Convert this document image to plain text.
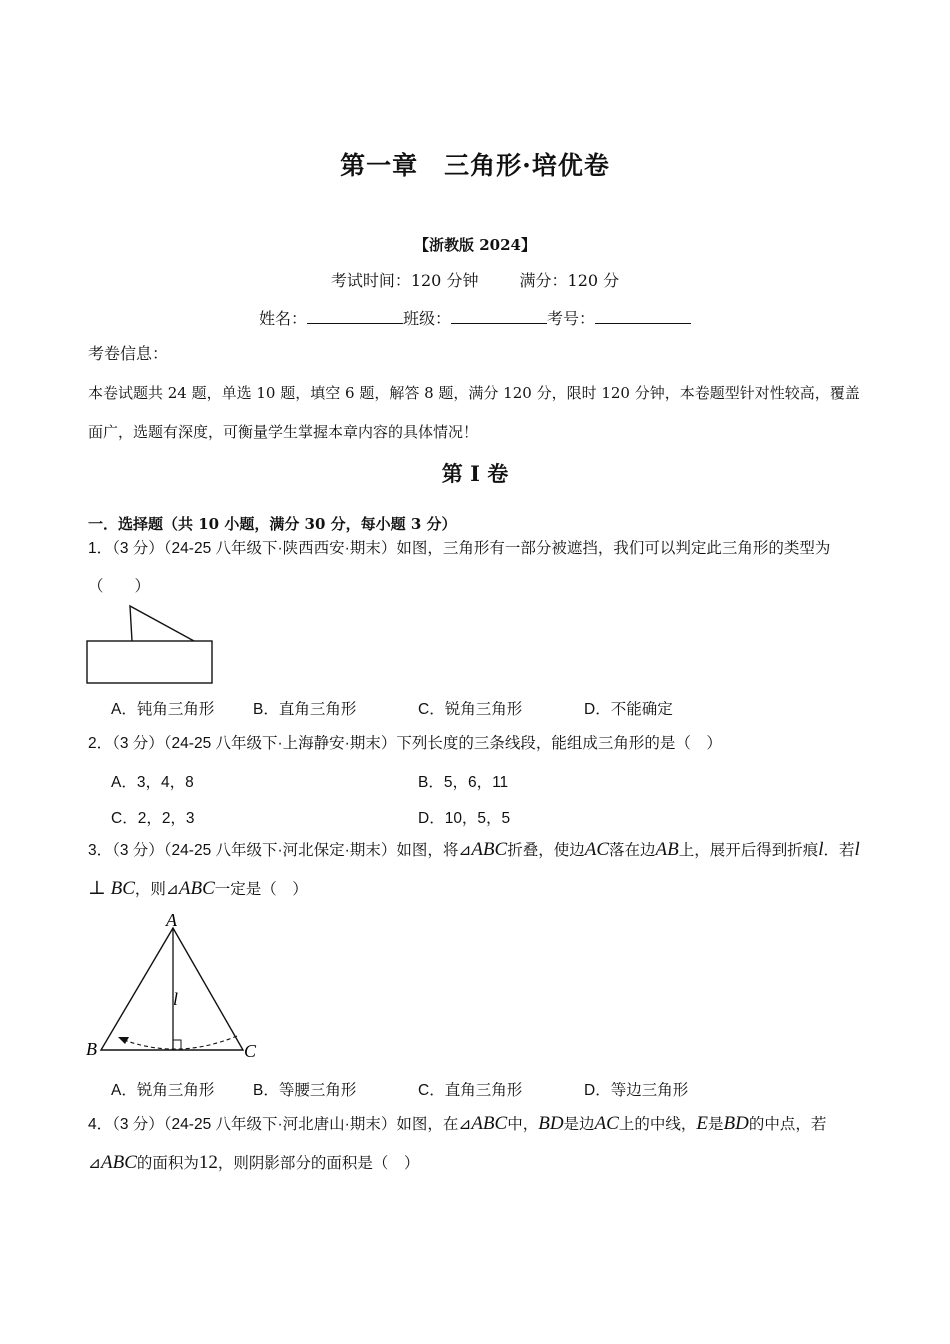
第一章　三角形·培优卷
【浙教版 2024】
考试时间：120 分钟	满分：120 分
姓名：	班级：	考号：
考卷信息：
本卷试题共 24 题，单选 10 题，填空 6 题，解答 8 题，满分 120 分，限时 120 分钟，本卷题型针对性较高，覆盖面广，选题有深度，可衡量学生掌握本章内容的具体情况！
第 Ⅰ 卷
一．选择题（共 10 小题，满分 30 分，每小题 3 分）
1．（3 分）（24-25 八年级下·陕西西安·期末）如图，三角形有一部分被遮挡，我们可以判定此三角形的类型为（　　）
A．钝角三角形 B．直角三角形	C．锐角三角形	D．不能确定
2．（3 分）（24-25 八年级下·上海静安·期末）下列长度的三条线段，能组成三角形的是（　）
A．3，4，8	B．5，6，11
C．2，2，3	D．10，5，5
3．（3 分）（24-25 八年级下·河北保定·期末）如图，将⊿ABC折叠，使边AC落在边AB上，展开后得到折痕l．若l ⊥ BC，则⊿ABC一定是（　）
A
B	C
l
A．锐角三角形 B．等腰三角形	C．直角三角形	D．等边三角形
4．（3 分）（24-25 八年级下·河北唐山·期末）如图，在⊿ABC中，BD是边AC上的中线，E是BD的中点，若⊿ABC的面积为12，则阴影部分的面积是（　）
